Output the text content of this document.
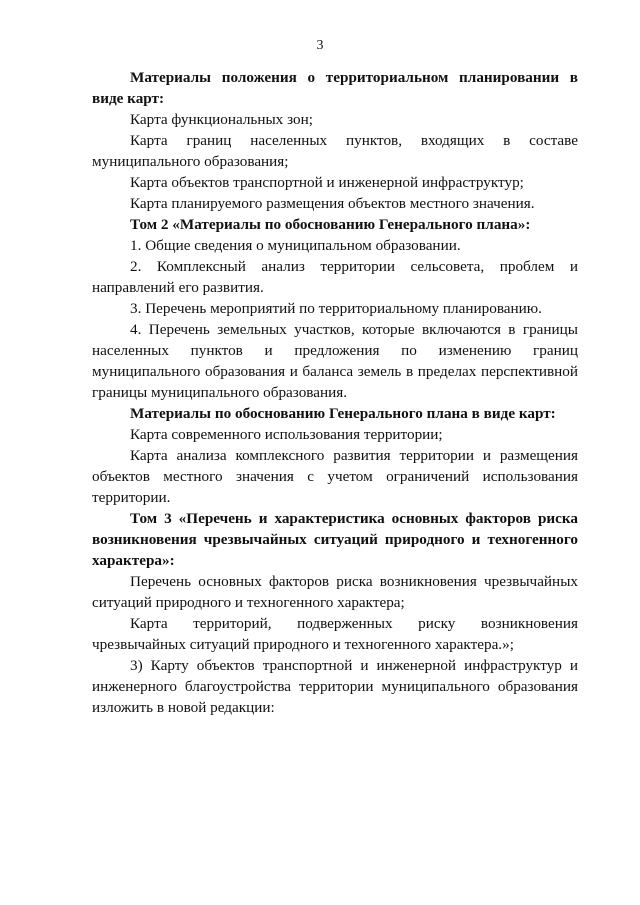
3

Материалы положения о территориальном планировании в виде карт:

Карта функциональных зон;

Карта границ населенных пунктов, входящих в составе муниципального образования;

Карта объектов транспортной и инженерной инфраструктур;

Карта планируемого размещения объектов местного значения.

Том 2 «Материалы по обоснованию Генерального плана»:

1. Общие сведения о муниципальном образовании.

2. Комплексный анализ территории сельсовета, проблем и направлений его развития.

3. Перечень мероприятий по территориальному планированию.

4. Перечень земельных участков, которые включаются в границы населенных пунктов и предложения по изменению границ муниципального образования и баланса земель в пределах перспективной границы муниципального образования.

Материалы по обоснованию Генерального плана в виде карт:

Карта современного использования территории;

Карта анализа комплексного развития территории и размещения объектов местного значения с учетом ограничений использования территории.

Том 3 «Перечень и характеристика основных факторов риска возникновения чрезвычайных ситуаций природного и техногенного характера»:

Перечень основных факторов риска возникновения чрезвычайных ситуаций природного и техногенного характера;

Карта территорий, подверженных риску возникновения чрезвычайных ситуаций природного и техногенного характера.»;

3) Карту объектов транспортной и инженерной инфраструктур и инженерного благоустройства территории муниципального образования изложить в новой редакции:
